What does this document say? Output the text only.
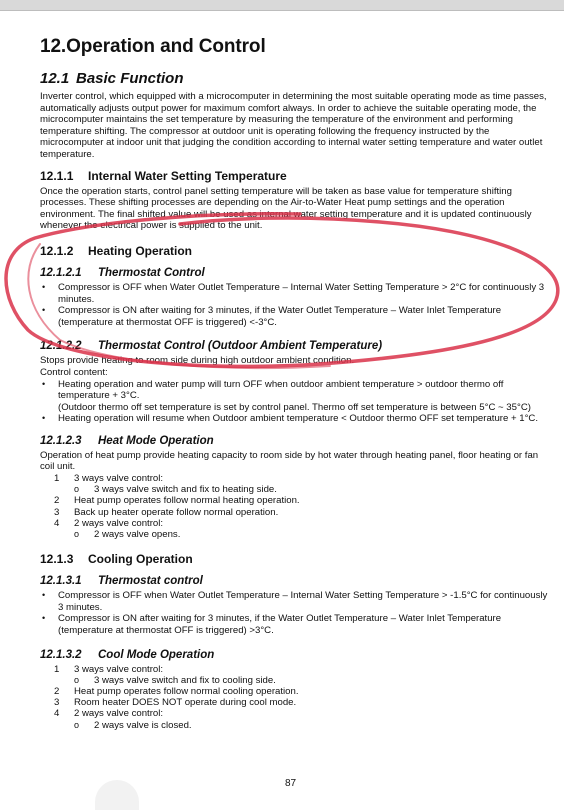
12.Operation and Control
12.1 Basic Function

Inverter control, which equipped with a microcomputer in determining the most suitable operating mode as time passes, automatically adjusts output power for maximum comfort always. In order to achieve the suitable operating mode, the microcomputer maintains the set temperature by measuring the temperature of the environment and performing temperature shifting. The compressor at outdoor unit is operating following the frequency instructed by the microcomputer at indoor unit that judging the condition according to internal water setting temperature and water outlet temperature.

12.1.1 Internal Water Setting Temperature

Once the operation starts, control panel setting temperature will be taken as base value for temperature shifting processes. These shifting processes are depending on the Air-to-Water Heat pump settings and the operation environment. The final shifted value will be used as internal water setting temperature and it is updated continuously whenever the electrical power is supplied to the unit.

12.1.2 Heating Operation
12.1.2.1 Thermostat Control
• Compressor is OFF when Water Outlet Temperature – Internal Water Setting Temperature > 2°C for continuously 3 minutes.
• Compressor is ON after waiting for 3 minutes, if the Water Outlet Temperature – Water Inlet Temperature (temperature at thermostat OFF is triggered) <-3°C.
12.1.2.2 Thermostat Control (Outdoor Ambient Temperature)

Stops provide heating to room side during high outdoor ambient condition.

Control content:

• Heating operation and water pump will turn OFF when outdoor ambient temperature > outdoor thermo off temperature + 3°C.
(Outdoor thermo off set temperature is set by control panel. Thermo off set temperature is between 5°C ~ 35°C)
• Heating operation will resume when Outdoor ambient temperature < Outdoor thermo OFF set temperature + 1°C.
12.1.2.3 Heat Mode Operation

Operation of heat pump provide heating capacity to room side by hot water through heating panel, floor heating or fan coil unit.

1 3 ways valve control:
o 3 ways valve switch and fix to heating side.
2 Heat pump operates follow normal heating operation.
3 Back up heater operate follow normal operation.
4 2 ways valve control:
o 2 ways valve opens.
12.1.3 Cooling Operation
12.1.3.1 Thermostat control
• Compressor is OFF when Water Outlet Temperature – Internal Water Setting Temperature > -1.5°C for continuously 3 minutes.
• Compressor is ON after waiting for 3 minutes, if the Water Outlet Temperature – Water Inlet Temperature (temperature at thermostat OFF is triggered) >3°C.
12.1.3.2 Cool Mode Operation
1 3 ways valve control:
o 3 ways valve switch and fix to cooling side.
2 Heat pump operates follow normal cooling operation.
3 Room heater DOES NOT operate during cool mode.
4 2 ways valve control:
o 2 ways valve is closed.
87
